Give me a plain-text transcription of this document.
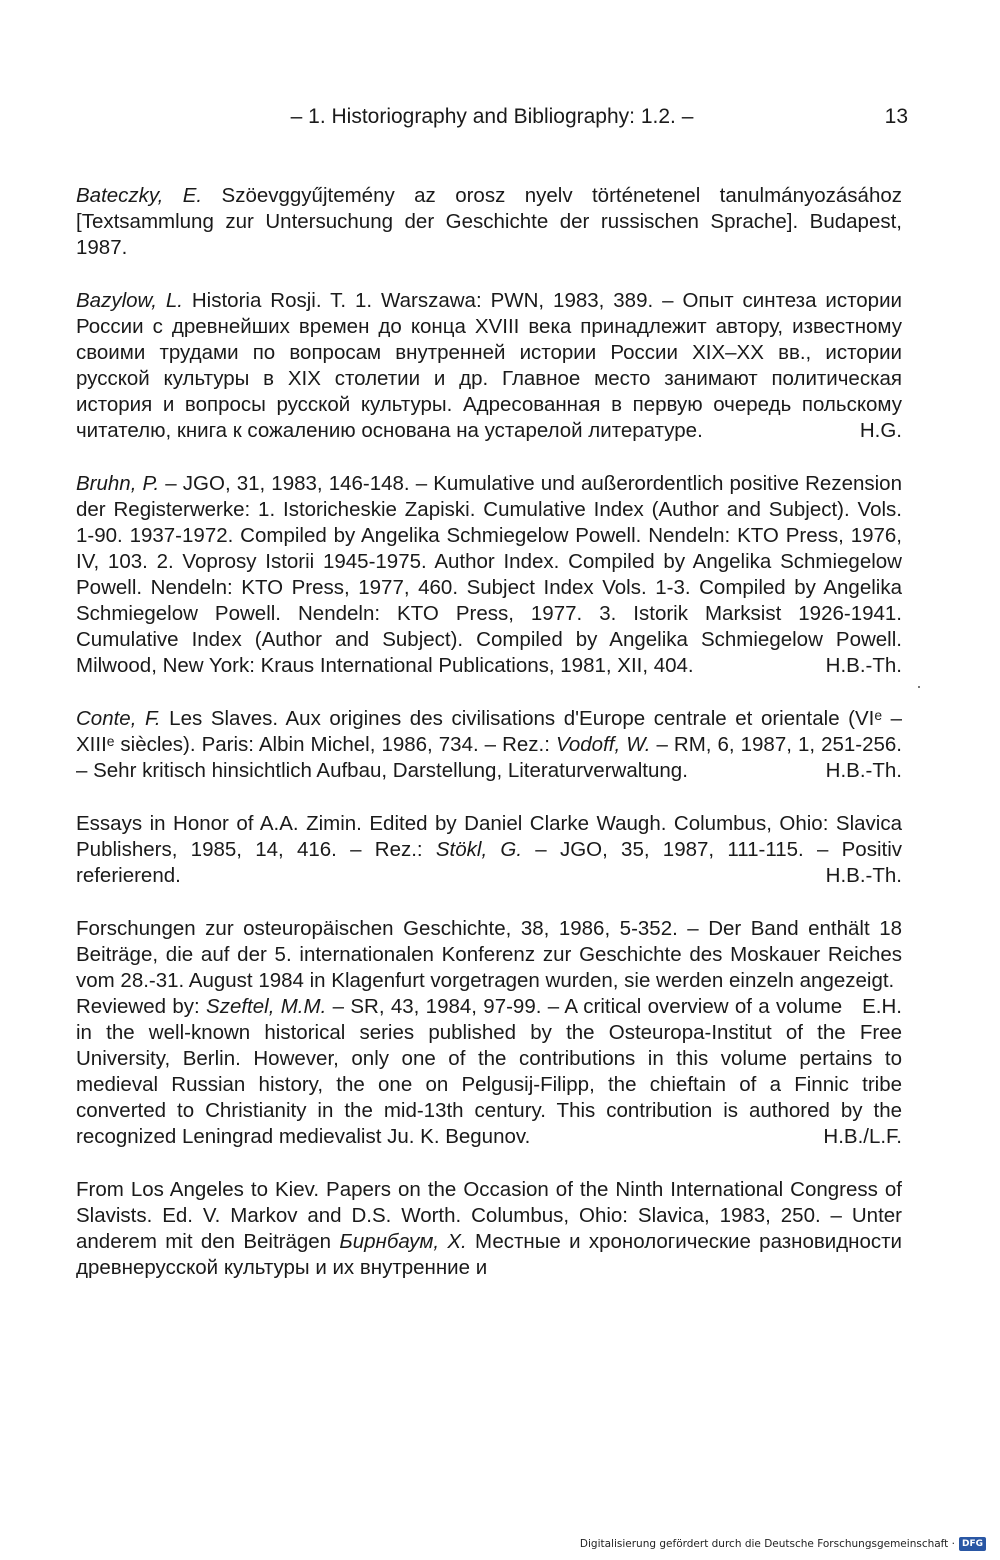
– 1. Historiography and Bibliography: 1.2. –	13

Bateczky, E. Szöevggyűjtemény az orosz nyelv történetenel tanulmányozásához [Textsammlung zur Untersuchung der Geschichte der russischen Sprache]. Budapest, 1987.

Bazylow, L. Historia Rosji. T. 1. Warszawa: PWN, 1983, 389. – Опыт синтеза истории России с древнейших времен до конца XVIII века принадлежит автору, известному своими трудами по вопросам внутренней истории России XIX–XX вв., истории русской культуры в XIX столетии и др. Главное место занимают политическая история и вопросы русской культуры. Адресованная в первую очередь польскому читателю, книга к сожалению основана на устарелой литературе.	H.G.

Bruhn, P. – JGO, 31, 1983, 146-148. – Kumulative und außerordentlich positive Rezension der Registerwerke: 1. Istoricheskie Zapiski. Cumulative Index (Author and Subject). Vols. 1-90. 1937-1972. Compiled by Angelika Schmiegelow Powell. Nendeln: KTO Press, 1976, IV, 103. 2. Voprosy Istorii 1945-1975. Author Index. Compiled by Angelika Schmiegelow Powell. Nendeln: KTO Press, 1977, 460. Subject Index Vols. 1-3. Compiled by Angelika Schmiegelow Powell. Nendeln: KTO Press, 1977. 3. Istorik Marksist 1926-1941. Cumulative Index (Author and Subject). Compiled by Angelika Schmiegelow Powell. Milwood, New York: Kraus International Publications, 1981, XII, 404.	H.B.-Th.

Conte, F. Les Slaves. Aux origines des civilisations d'Europe centrale et orientale (VIᵉ – XIIIᵉ siècles). Paris: Albin Michel, 1986, 734. – Rez.: Vodoff, W. – RM, 6, 1987, 1, 251-256. – Sehr kritisch hinsichtlich Aufbau, Darstellung, Literaturverwaltung.	H.B.-Th.

Essays in Honor of A.A. Zimin. Edited by Daniel Clarke Waugh. Columbus, Ohio: Slavica Publishers, 1985, 14, 416. – Rez.: Stökl, G. – JGO, 35, 1987, 111-115. – Positiv referierend.	H.B.-Th.

Forschungen zur osteuropäischen Geschichte, 38, 1986, 5-352. – Der Band enthält 18 Beiträge, die auf der 5. internationalen Konferenz zur Geschichte des Moskauer Reiches vom 28.-31. August 1984 in Klagenfurt vorgetragen wurden, sie werden einzeln angezeigt.
E.H.

Reviewed by: Szeftel, M.M. – SR, 43, 1984, 97-99. – A critical overview of a volume in the well-known historical series published by the Osteuropa-Institut of the Free University, Berlin. However, only one of the contributions in this volume pertains to medieval Russian history, the one on Pelgusij-Filipp, the chieftain of a Finnic tribe converted to Christianity in the mid-13th century. This contribution is authored by the recognized Leningrad medievalist Ju. K. Begunov.	H.B./L.F.

From Los Angeles to Kiev. Papers on the Occasion of the Ninth International Congress of Slavists. Ed. V. Markov and D.S. Worth. Columbus, Ohio: Slavica, 1983, 250. – Unter anderem mit den Beiträgen Бирнбаум, Х. Местные и хронологические разновидности древнерусской культуры и их внутренние и

Digitalisierung gefördert durch die Deutsche Forschungsgemeinschaft · DFG
